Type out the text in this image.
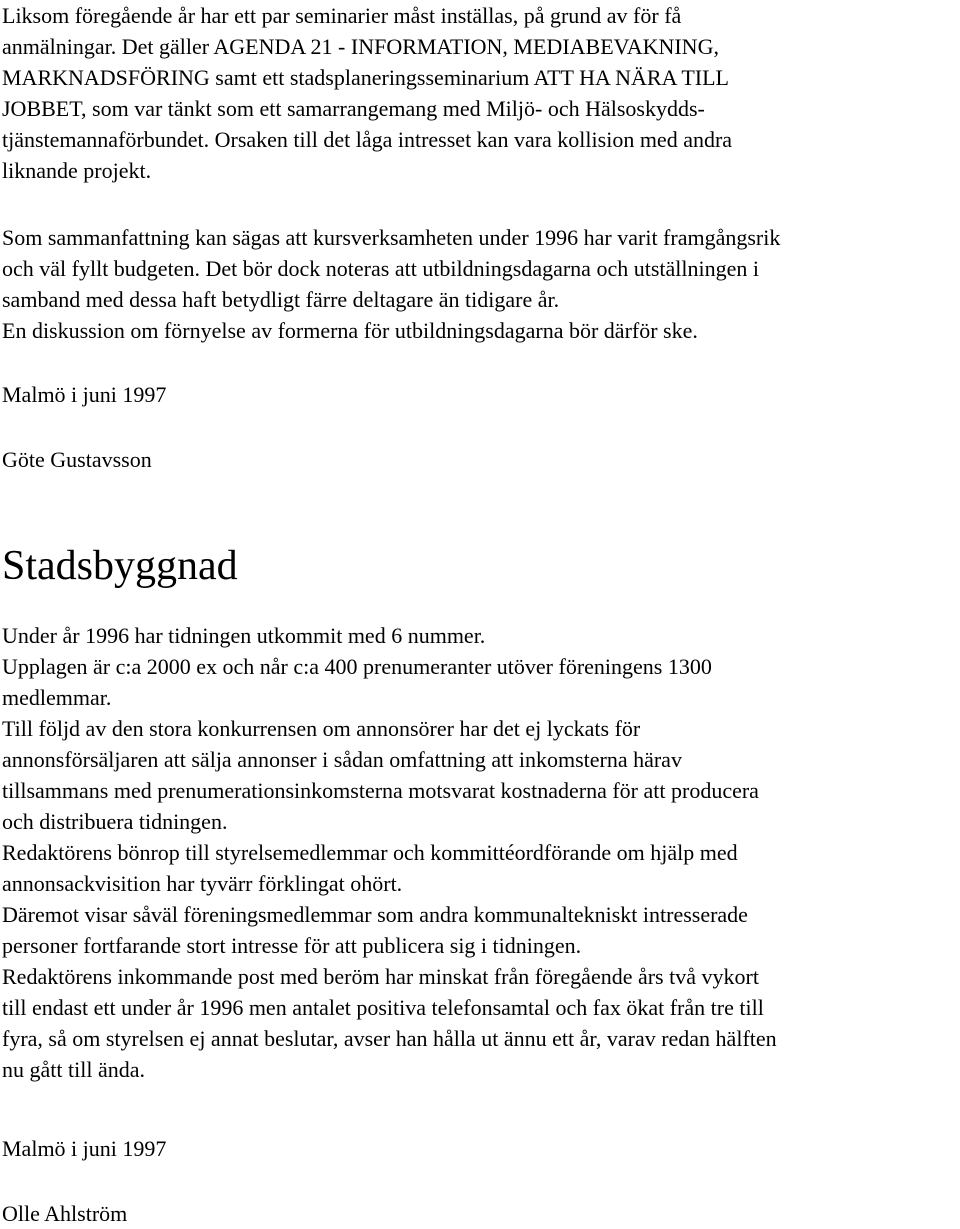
Liksom föregående år har ett par seminarier måst inställas, på grund av för få
anmälningar. Det gäller AGENDA 21 - INFORMATION, MEDIABEVAKNING,
MARKNADSFÖRING samt ett stadsplaneringsseminarium ATT HA NÄRA TILL
JOBBET, som var tänkt som ett samarrangemang med Miljö- och Hälsoskydds-
tjänstemannaförbundet. Orsaken till det låga intresset kan vara kollision med andra
liknande projekt.
Som sammanfattning kan sägas att kursverksamheten under 1996 har varit framgångsrik
och väl fyllt budgeten. Det bör dock noteras att utbildningsdagarna och utställningen i
samband med dessa haft betydligt färre deltagare än tidigare år.
En diskussion om förnyelse av formerna för utbildningsdagarna bör därför ske.
Malmö i juni 1997
Göte Gustavsson
Stadsbyggnad
Under år 1996 har tidningen utkommit med 6 nummer.
Upplagen är c:a 2000 ex och når c:a 400 prenumeranter utöver föreningens 1300
medlemmar.
Till följd av den stora konkurrensen om annonsörer har det ej lyckats för
annonsförsäljaren att sälja annonser i sådan omfattning att inkomsterna härav
tillsammans med prenumerationsinkomsterna motsvarat kostnaderna för att producera
och distribuera tidningen.
Redaktörens bönrop till styrelsemedlemmar och kommittéordförande om hjälp med
annonsackvisition har tyvärr förklingat ohört.
Däremot visar såväl föreningsmedlemmar som andra kommunaltekniskt intresserade
personer fortfarande stort intresse för att publicera sig i tidningen.
Redaktörens inkommande post med beröm har minskat från föregående års två vykort
till endast ett under år 1996 men antalet positiva telefonsamtal och fax ökat från tre till
fyra, så om styrelsen ej annat beslutar, avser han hålla ut ännu ett år, varav redan hälften
nu gått till ända.
Malmö i juni 1997
Olle Ahlström
